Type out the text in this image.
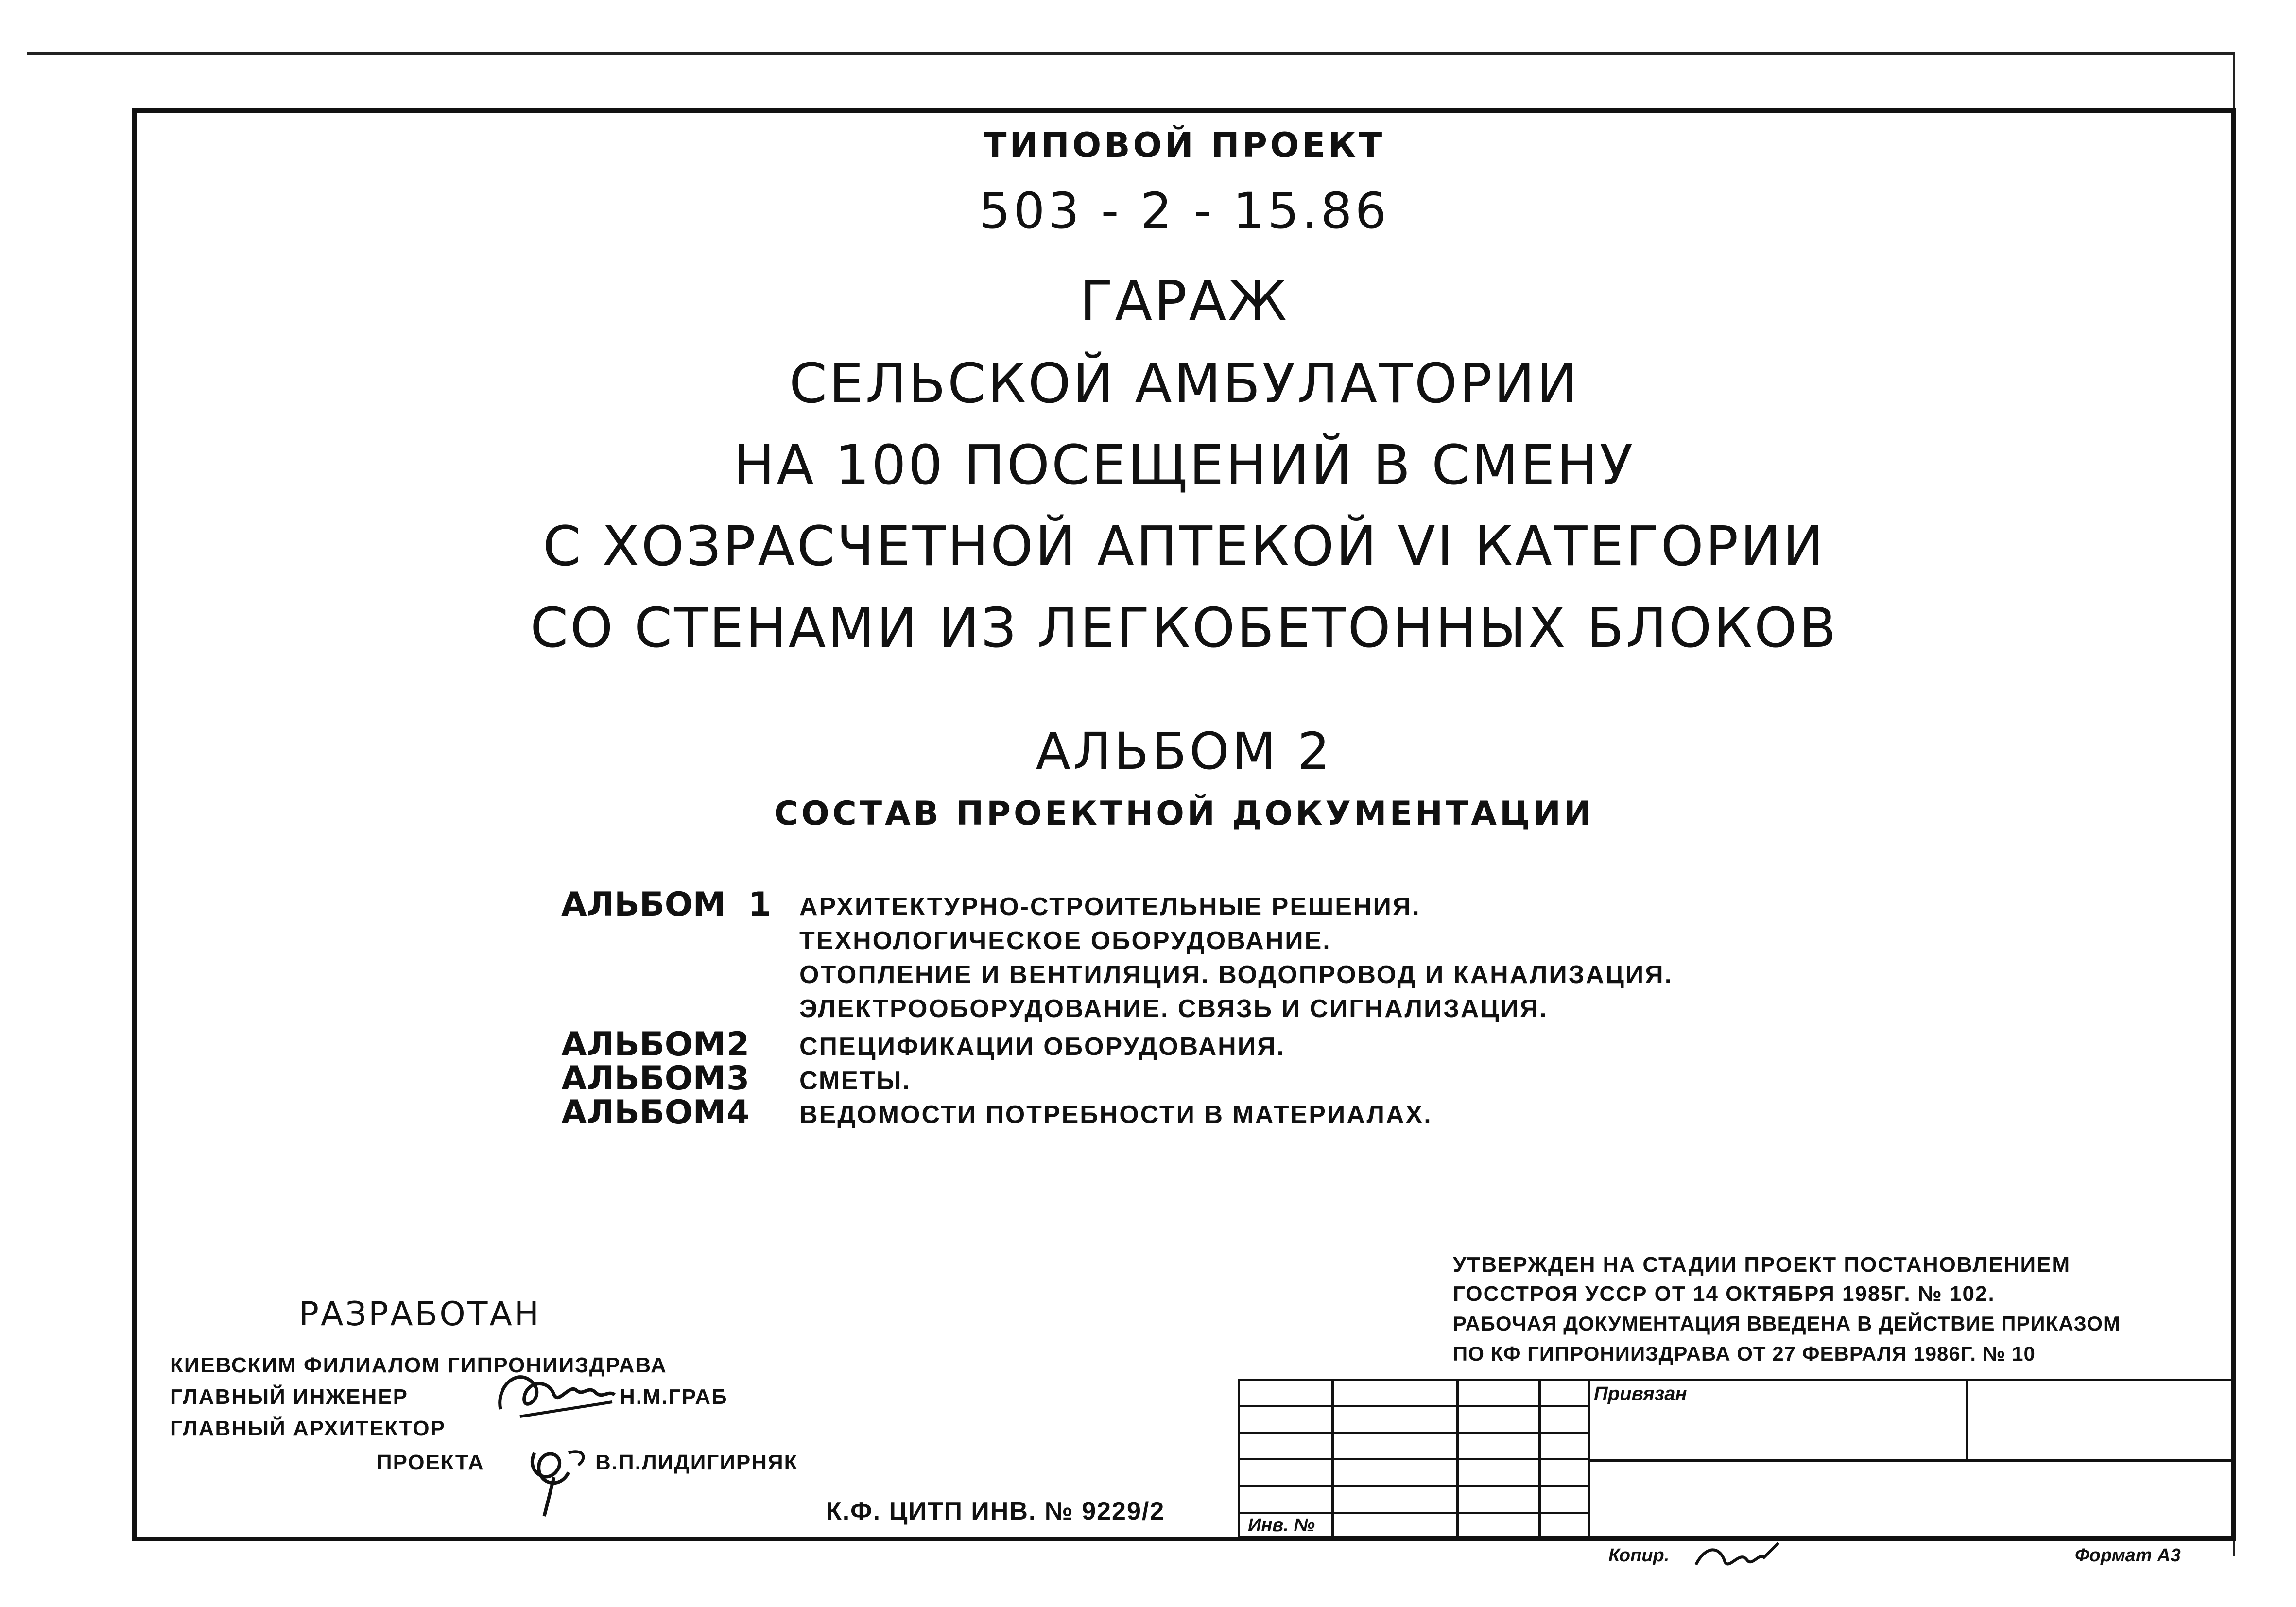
ТИПОВОЙ ПРОЕКТ
503 - 2 - 15.86
ГАРАЖ
СЕЛЬСКОЙ АМБУЛАТОРИИ
НА 100 ПОСЕЩЕНИЙ В СМЕНУ
С ХОЗРАСЧЕТНОЙ АПТЕКОЙ VI КАТЕГОРИИ
СО СТЕНАМИ ИЗ ЛЕГКОБЕТОННЫХ БЛОКОВ
АЛЬБОМ 2
СОСТАВ ПРОЕКТНОЙ ДОКУМЕНТАЦИИ
АЛЬБОМ 1 АРХИТЕКТУРНО-СТРОИТЕЛЬНЫЕ РЕШЕНИЯ.
ТЕХНОЛОГИЧЕСКОЕ ОБОРУДОВАНИЕ.
ОТОПЛЕНИЕ И ВЕНТИЛЯЦИЯ. ВОДОПРОВОД И КАНАЛИЗАЦИЯ.
ЭЛЕКТРООБОРУДОВАНИЕ. СВЯЗЬ И СИГНАЛИЗАЦИЯ.
АЛЬБОМ 2 СПЕЦИФИКАЦИИ ОБОРУДОВАНИЯ.
АЛЬБОМ 3 СМЕТЫ.
АЛЬБОМ 4 ВЕДОМОСТИ ПОТРЕБНОСТИ В МАТЕРИАЛАХ.
УТВЕРЖДЕН НА СТАДИИ ПРОЕКТ ПОСТАНОВЛЕНИЕМ
ГОССТРОЯ УССР ОТ 14 ОКТЯБРЯ 1985Г. № 102.
РАБОЧАЯ ДОКУМЕНТАЦИЯ ВВЕДЕНА В ДЕЙСТВИЕ ПРИКАЗОМ
ПО КФ ГИПРОНИИЗДРАВА ОТ 27 ФЕВРАЛЯ 1986Г. № 10
РАЗРАБОТАН
КИЕВСКИМ ФИЛИАЛОМ ГИПРОНИИЗДРАВА
ГЛАВНЫЙ ИНЖЕНЕР	Н.М.ГРАБ
ГЛАВНЫЙ АРХИТЕКТОР
ПРОЕКТА	В.П.ЛИДИГИРНЯК
К.Ф. ЦИТП ИНВ. № 9229/2
Привязан
Инв. №
Копир.	Формат А3
